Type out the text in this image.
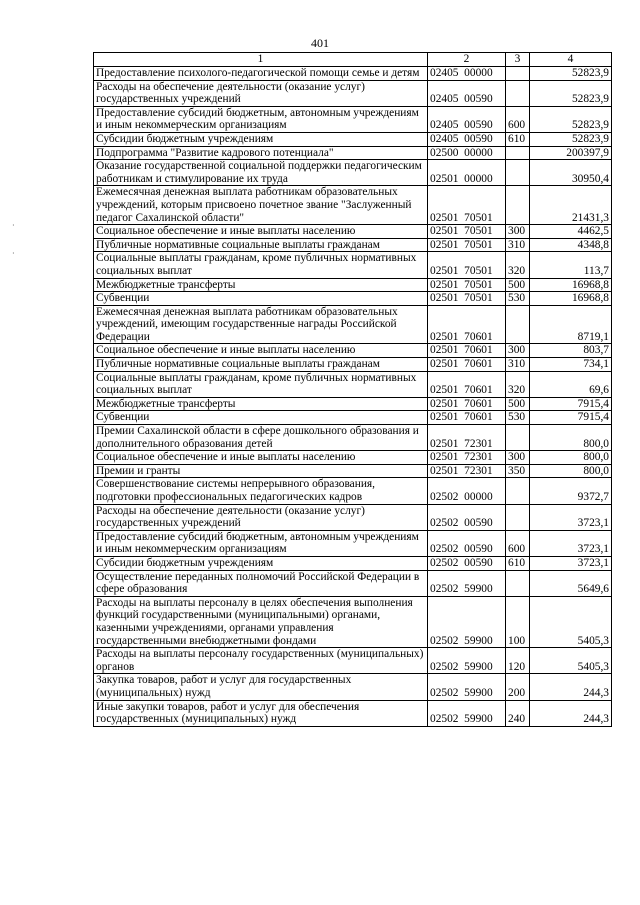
401
·
·
1	2	3	4
Предоставление психолого-педагогической помощи семье и детям	02405  00000		52823,9
Расходы на обеспечение деятельности (оказание услуг) государственных учреждений	02405  00590		52823,9
Предоставление субсидий бюджетным, автономным учреждениям и иным некоммерческим организациям	02405  00590	600	52823,9
Субсидии бюджетным учреждениям	02405  00590	610	52823,9
Подпрограмма "Развитие кадрового потенциала"	02500  00000		200397,9
Оказание государственной социальной поддержки педагогическим работникам и стимулирование их труда	02501  00000		30950,4
Ежемесячная денежная выплата работникам образовательных учреждений, которым присвоено почетное звание "Заслуженный педагог Сахалинской области"	02501  70501		21431,3
Социальное обеспечение и иные выплаты населению	02501  70501	300	4462,5
Публичные нормативные социальные выплаты гражданам	02501  70501	310	4348,8
Социальные выплаты гражданам, кроме публичных нормативных социальных выплат	02501  70501	320	113,7
Межбюджетные трансферты	02501  70501	500	16968,8
Субвенции	02501  70501	530	16968,8
Ежемесячная денежная выплата работникам образовательных учреждений, имеющим государственные награды Российской Федерации	02501  70601		8719,1
Социальное обеспечение и иные выплаты населению	02501  70601	300	803,7
Публичные нормативные социальные выплаты гражданам	02501  70601	310	734,1
Социальные выплаты гражданам, кроме публичных нормативных социальных выплат	02501  70601	320	69,6
Межбюджетные трансферты	02501  70601	500	7915,4
Субвенции	02501  70601	530	7915,4
Премии Сахалинской области в сфере дошкольного образования и дополнительного образования детей	02501  72301		800,0
Социальное обеспечение и иные выплаты населению	02501  72301	300	800,0
Премии и гранты	02501  72301	350	800,0
Совершенствование системы непрерывного образования, подготовки профессиональных педагогических кадров	02502  00000		9372,7
Расходы на обеспечение деятельности (оказание услуг) государственных учреждений	02502  00590		3723,1
Предоставление субсидий бюджетным, автономным учреждениям и иным некоммерческим организациям	02502  00590	600	3723,1
Субсидии бюджетным учреждениям	02502  00590	610	3723,1
Осуществление переданных полномочий Российской Федерации в сфере образования	02502  59900		5649,6
Расходы на выплаты персоналу в целях обеспечения выполнения функций государственными (муниципальными) органами, казенными учреждениями, органами управления государственными внебюджетными фондами	02502  59900	100	5405,3
Расходы на выплаты персоналу государственных (муниципальных) органов	02502  59900	120	5405,3
Закупка товаров, работ и услуг для государственных (муниципальных) нужд	02502  59900	200	244,3
Иные закупки товаров, работ и услуг для обеспечения государственных (муниципальных) нужд	02502  59900	240	244,3
